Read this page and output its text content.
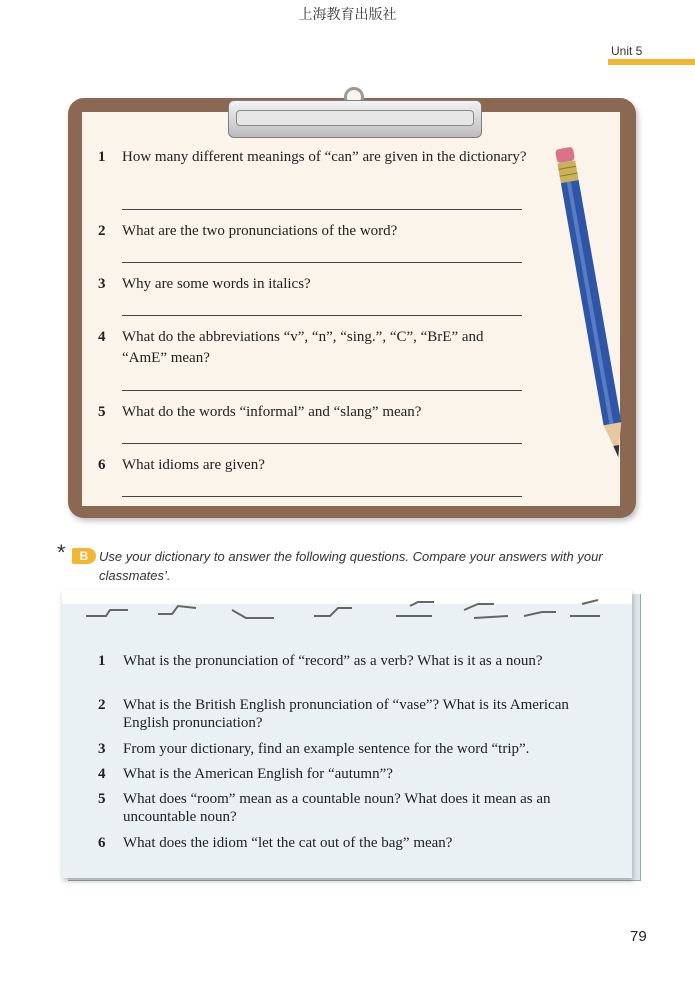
上海教育出版社
Unit 5
1 How many different meanings of “can” are given in the dictionary?
2 What are the two pronunciations of the word?
3 Why are some words in italics?
4 What do the abbreviations “v”, “n”, “sing.”, “C”, “BrE” and “AmE” mean?
5 What do the words “informal” and “slang” mean?
6 What idioms are given?
*	B Use your dictionary to answer the following questions. Compare your answers with your classmates’.
1 What is the pronunciation of “record” as a verb? What is it as a noun?
2 What is the British English pronunciation of “vase”? What is its American English pronunciation?
3 From your dictionary, find an example sentence for the word “trip”.
4 What is the American English for “autumn”?
5 What does “room” mean as a countable noun? What does it mean as an uncountable noun?
6 What does the idiom “let the cat out of the bag” mean?
79
